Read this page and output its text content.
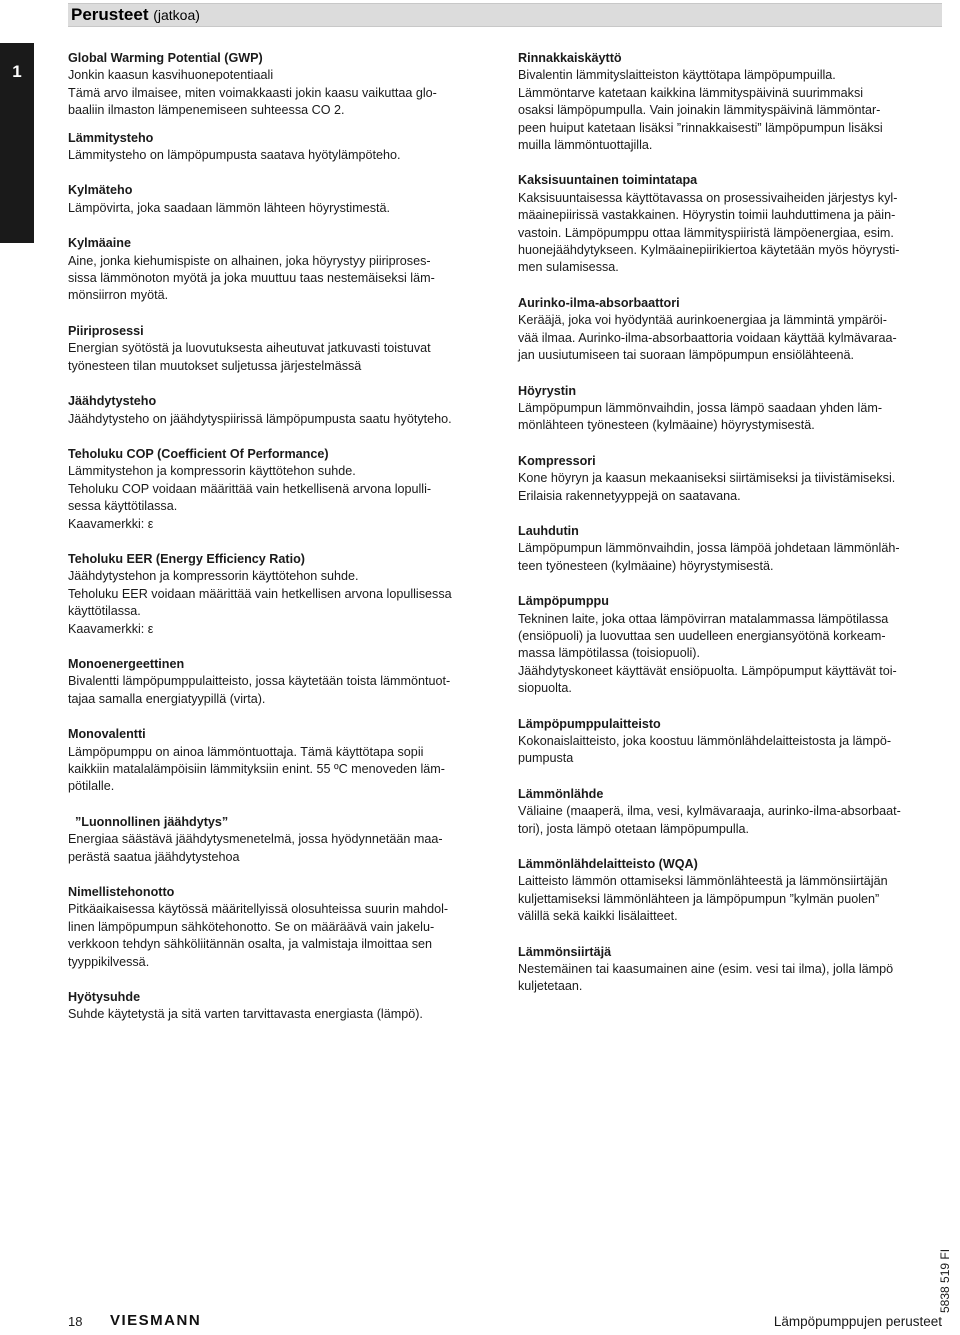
Perusteet (jatkoa)
1
Global Warming Potential (GWP)
Jonkin kaasun kasvihuonepotentiaali
Tämä arvo ilmaisee, miten voimakkaasti jokin kaasu vaikuttaa glo-
baaliin ilmaston lämpenemiseen suhteessa CO 2.
Lämmitysteho
Lämmitysteho on lämpöpumpusta saatava hyötylämpöteho.
Kylmäteho
Lämpövirta, joka saadaan lämmön lähteen höyrystimestä.
Kylmäaine
Aine, jonka kiehumispiste on alhainen, joka höyrystyy piiriproses-
sissa lämmönoton myötä ja joka muuttuu taas nestemäiseksi läm-
mönsiirron myötä.
Piiriprosessi
Energian syötöstä ja luovutuksesta aiheutuvat jatkuvasti toistuvat
työnesteen tilan muutokset suljetussa järjestelmässä
Jäähdytysteho
Jäähdytysteho on jäähdytyspiirissä lämpöpumpusta saatu hyötyteho.
Teholuku COP (Coefficient Of Performance)
Lämmitystehon ja kompressorin käyttötehon suhde.
Teholuku COP voidaan määrittää vain hetkellisenä arvona lopulli-
sessa käyttötilassa.
Kaavamerkki: ε
Teholuku EER (Energy Efficiency Ratio)
Jäähdytystehon ja kompressorin käyttötehon suhde.
Teholuku EER voidaan määrittää vain hetkellisen arvona lopullisessa
käyttötilassa.
Kaavamerkki: ε
Monoenergeettinen
Bivalentti lämpöpumppulaitteisto, jossa käytetään toista lämmöntuot-
tajaa samalla energiatyypillä (virta).
Monovalentti
Lämpöpumppu on ainoa lämmöntuottaja. Tämä käyttötapa sopii
kaikkiin matalalämpöisiin lämmityksiin enint. 55 ºC menoveden läm-
pötilalle.
”Luonnollinen jäähdytys”
Energiaa säästävä jäähdytysmenetelmä, jossa hyödynnetään maa-
perästä saatua jäähdytystehoa
Nimellistehonotto
Pitkäaikaisessa käytössä määritellyissä olosuhteissa suurin mahdol-
linen lämpöpumpun sähkötehonotto. Se on määräävä vain jakelu-
verkkoon tehdyn sähköliitännän osalta, ja valmistaja ilmoittaa sen
tyyppikilvessä.
Hyötysuhde
Suhde käytetystä ja sitä varten tarvittavasta energiasta (lämpö).
Rinnakkaiskäyttö
Bivalentin lämmityslaitteiston käyttötapa lämpöpumpuilla.
Lämmöntarve katetaan kaikkina lämmityspäivinä suurimmaksi
osaksi lämpöpumpulla. Vain joinakin lämmityspäivinä lämmöntar-
peen huiput katetaan lisäksi ”rinnakkaisesti” lämpöpumpun lisäksi
muilla lämmöntuottajilla.
Kaksisuuntainen toimintatapa
Kaksisuuntaisessa käyttötavassa on prosessivaiheiden järjestys kyl-
mäainepiirissä vastakkainen. Höyrystin toimii lauhduttimena ja päin-
vastoin. Lämpöpumppu ottaa lämmityspiiristä lämpöenergiaa, esim.
huonejäähdytykseen. Kylmäainepiirikiertoa käytetään myös höyrysti-
men sulamisessa.
Aurinko-ilma-absorbaattori
Kerääjä, joka voi hyödyntää aurinkoenergiaa ja lämmintä ympäröi-
vää ilmaa. Aurinko-ilma-absorbaattoria voidaan käyttää kylmävaraa-
jan uusiutumiseen tai suoraan lämpöpumpun ensiölähteenä.
Höyrystin
Lämpöpumpun lämmönvaihdin, jossa lämpö saadaan yhden läm-
mönlähteen työnesteen (kylmäaine) höyrystymisestä.
Kompressori
Kone höyryn ja kaasun mekaaniseksi siirtämiseksi ja tiivistämiseksi.
Erilaisia rakennetyyppejä on saatavana.
Lauhdutin
Lämpöpumpun lämmönvaihdin, jossa lämpöä johdetaan lämmönläh-
teen työnesteen (kylmäaine) höyrystymisestä.
Lämpöpumppu
Tekninen laite, joka ottaa lämpövirran matalammassa lämpötilassa
(ensiöpuoli) ja luovuttaa sen uudelleen energiansyötönä korkeam-
massa lämpötilassa (toisiopuoli).
Jäähdytyskoneet käyttävät ensiöpuolta. Lämpöpumput käyttävät toi-
siopuolta.
Lämpöpumppulaitteisto
Kokonaislaitteisto, joka koostuu lämmönlähdelaitteistosta ja lämpö-
pumpusta
Lämmönlähde
Väliaine (maaperä, ilma, vesi, kylmävaraaja, aurinko-ilma-absorbaat-
tori), josta lämpö otetaan lämpöpumpulla.
Lämmönlähdelaitteisto (WQA)
Laitteisto lämmön ottamiseksi lämmönlähteestä ja lämmönsiirtäjän
kuljettamiseksi lämmönlähteen ja lämpöpumpun ”kylmän puolen”
välillä sekä kaikki lisälaitteet.
Lämmönsiirtäjä
Nestemäinen tai kaasumainen aine (esim. vesi tai ilma), jolla lämpö
kuljetetaan.
18 VIESMANN	Lämpöpumppujen perusteet
5838 519 FI
